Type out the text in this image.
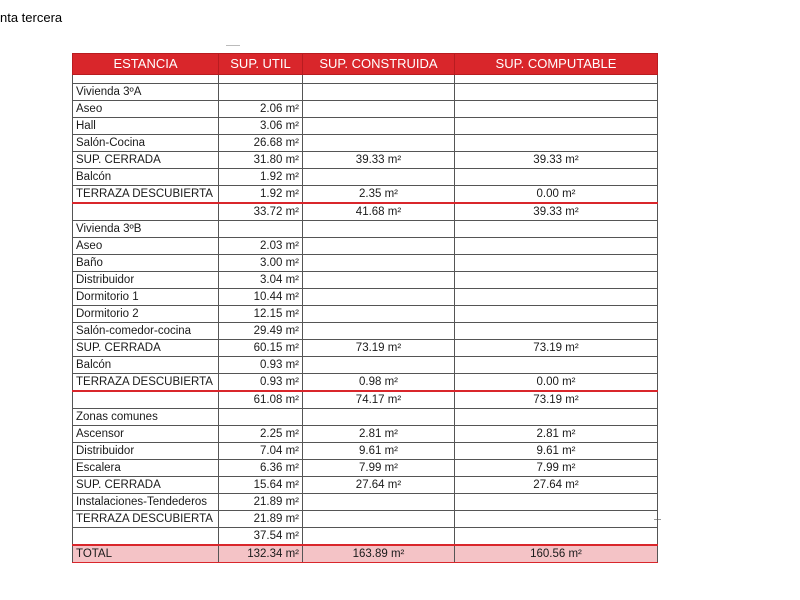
nta tercera
ESTANCIA	SUP. UTIL	SUP. CONSTRUIDA	SUP. COMPUTABLE

Vivienda 3ºA			
Aseo	2.06 m²		
Hall	3.06 m²		
Salón-Cocina	26.68 m²		
SUP. CERRADA	31.80 m²	39.33 m²	39.33 m²
Balcón	1.92 m²		
TERRAZA DESCUBIERTA	1.92 m²	2.35 m²	0.00 m²
	33.72 m²	41.68 m²	39.33 m²
Vivienda 3ºB			
Aseo	2.03 m²		
Baño	3.00 m²		
Distribuidor	3.04 m²		
Dormitorio 1	10.44 m²		
Dormitorio 2	12.15 m²		
Salón-comedor-cocina	29.49 m²		
SUP. CERRADA	60.15 m²	73.19 m²	73.19 m²
Balcón	0.93 m²		
TERRAZA DESCUBIERTA	0.93 m²	0.98 m²	0.00 m²
	61.08 m²	74.17 m²	73.19 m²
Zonas comunes			
Ascensor	2.25 m²	2.81 m²	2.81 m²
Distribuidor	7.04 m²	9.61 m²	9.61 m²
Escalera	6.36 m²	7.99 m²	7.99 m²
SUP. CERRADA	15.64 m²	27.64 m²	27.64 m²
Instalaciones-Tendederos	21.89 m²		
TERRAZA DESCUBIERTA	21.89 m²		
	37.54 m²		
TOTAL	132.34 m²	163.89 m²	160.56 m²
